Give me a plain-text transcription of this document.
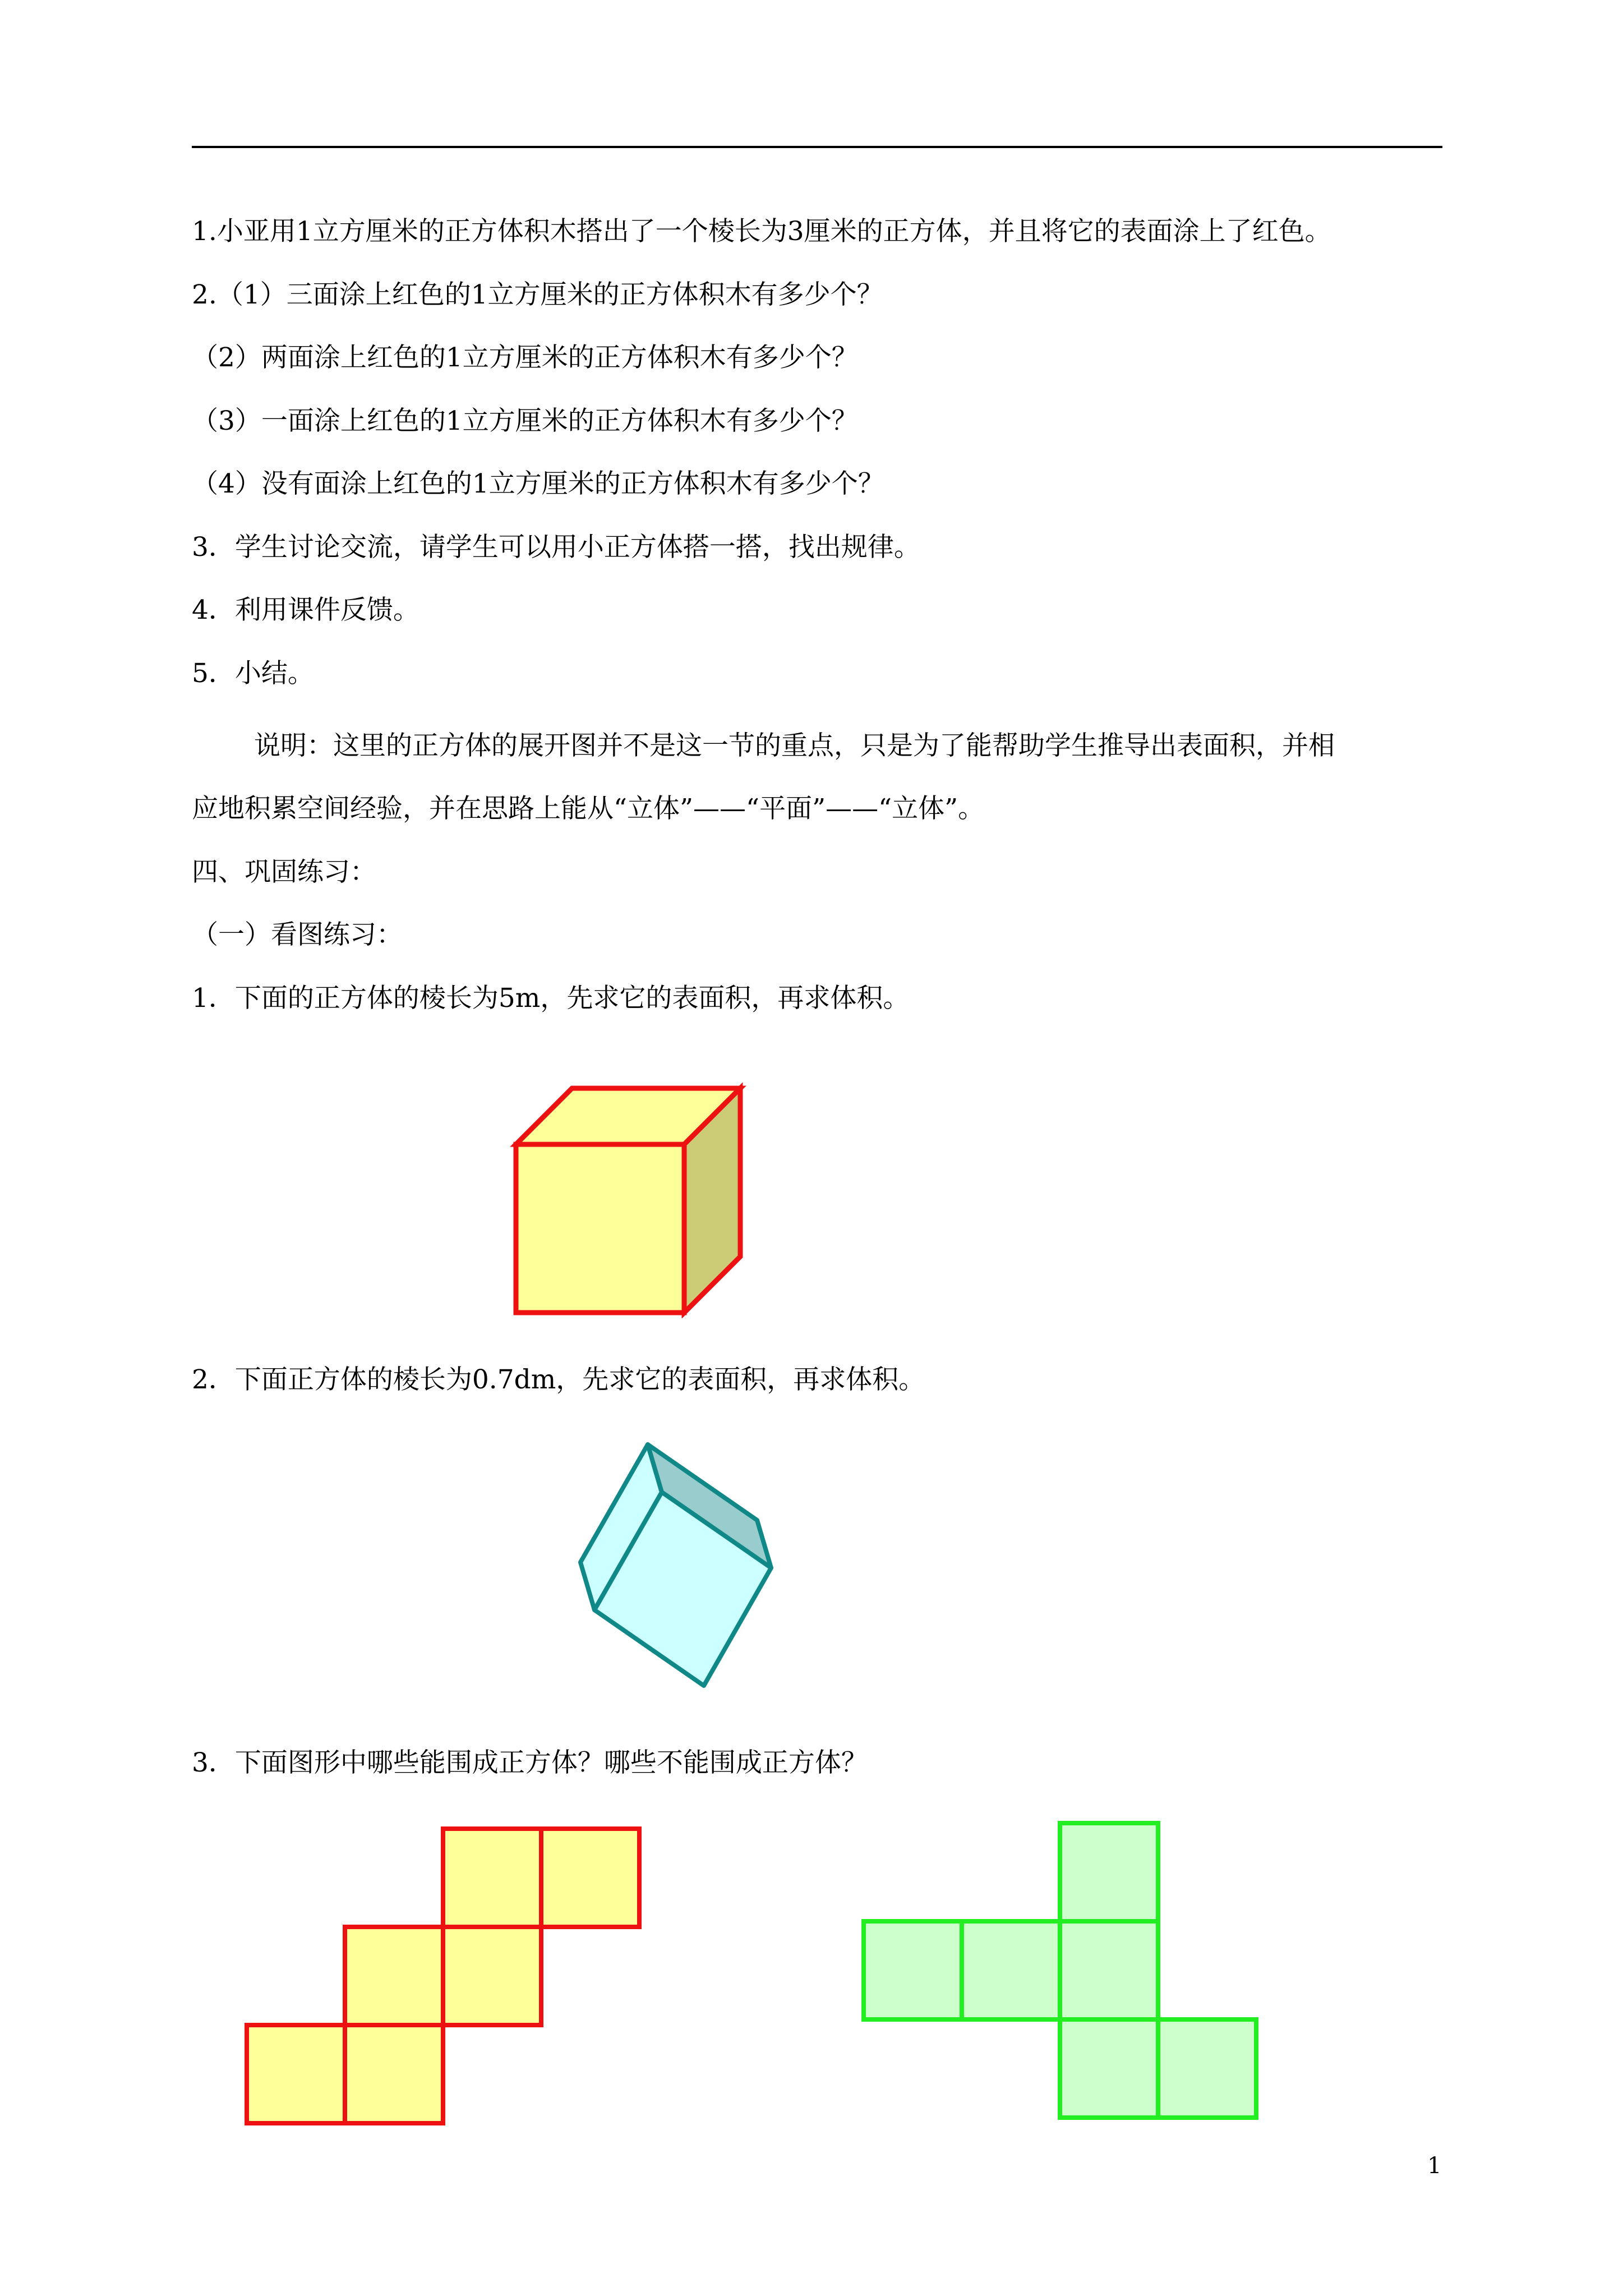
1.小亚用1立方厘米的正方体积木搭出了一个棱长为3厘米的正方体，并且将它的表面涂上了红色。
2.（1）三面涂上红色的1立方厘米的正方体积木有多少个？
（2）两面涂上红色的1立方厘米的正方体积木有多少个？
（3）一面涂上红色的1立方厘米的正方体积木有多少个？
（4）没有面涂上红色的1立方厘米的正方体积木有多少个？
3．学生讨论交流，请学生可以用小正方体搭一搭，找出规律。
4．利用课件反馈。
5．小结。
说明：这里的正方体的展开图并不是这一节的重点，只是为了能帮助学生推导出表面积，并相
应地积累空间经验，并在思路上能从“立体”——“平面”——“立体”。
四、巩固练习：
（一）看图练习：
1．下面的正方体的棱长为5m，先求它的表面积，再求体积。
2．下面正方体的棱长为0.7dm，先求它的表面积，再求体积。
3．下面图形中哪些能围成正方体？哪些不能围成正方体？
1
